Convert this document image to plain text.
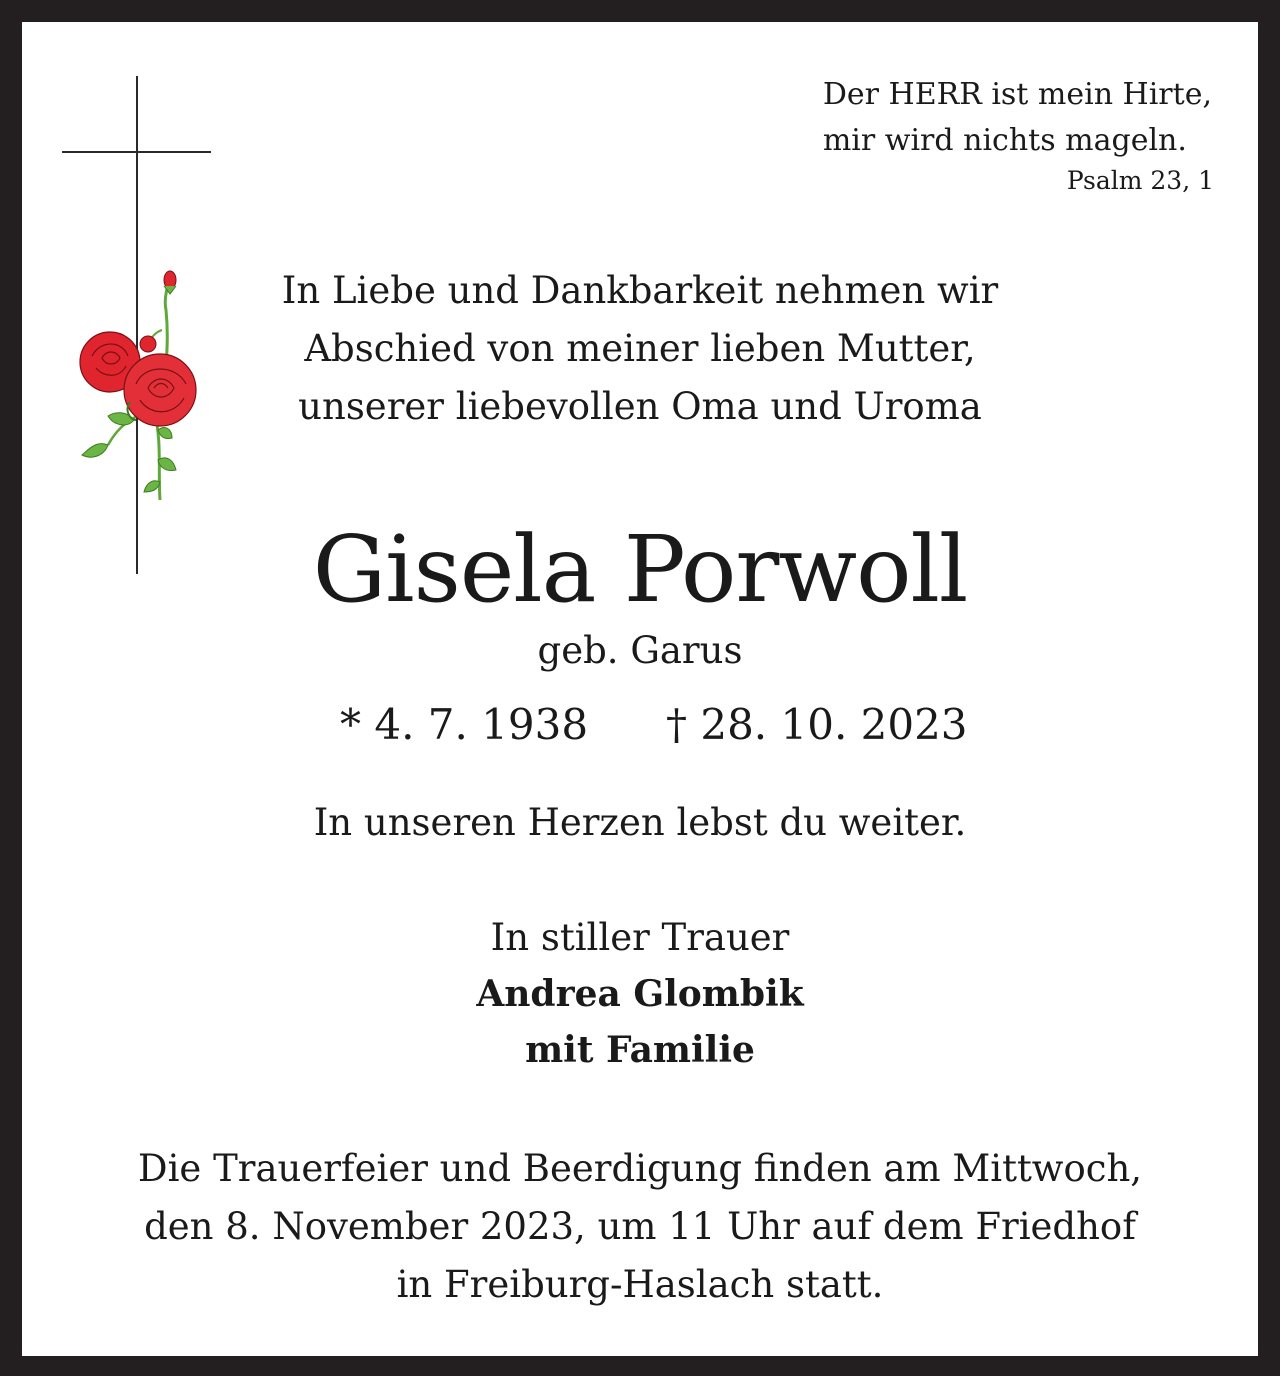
Der HERR ist mein Hirte,
mir wird nichts mageln.
Psalm 23, 1
In Liebe und Dankbarkeit nehmen wir
Abschied von meiner lieben Mutter,
unserer liebevollen Oma und Uroma
Gisela Porwoll
geb. Garus
* 4. 7. 1938 † 28. 10. 2023
In unseren Herzen lebst du weiter.
In stiller Trauer
Andrea Glombik
mit Familie
Die Trauerfeier und Beerdigung finden am Mittwoch,
den 8. November 2023, um 11 Uhr auf dem Friedhof
in Freiburg-Haslach statt.
